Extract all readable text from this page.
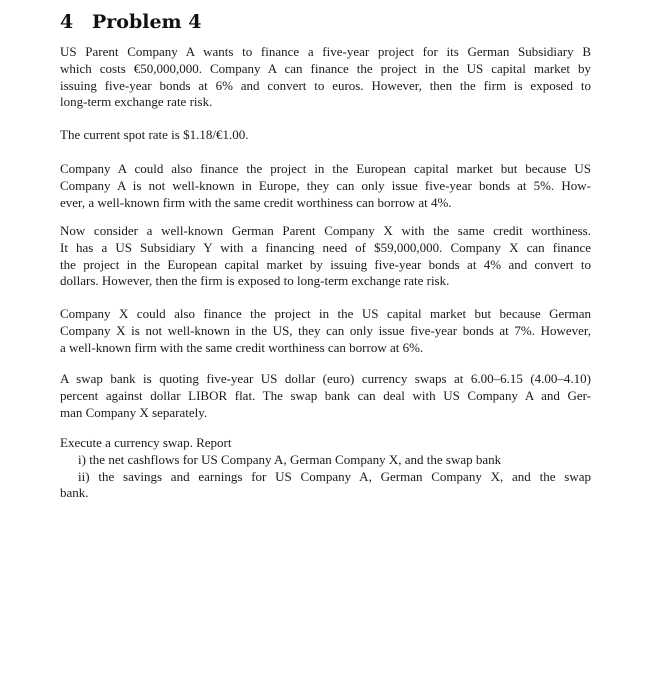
4 Problem 4
US Parent Company A wants to finance a five-year project for its German Subsidiary B
which costs €50,000,000. Company A can finance the project in the US capital market by
issuing five-year bonds at 6% and convert to euros. However, then the firm is exposed to
long-term exchange rate risk.
The current spot rate is $1.18/€1.00.
Company A could also finance the project in the European capital market but because US
Company A is not well-known in Europe, they can only issue five-year bonds at 5%. How-
ever, a well-known firm with the same credit worthiness can borrow at 4%.
Now consider a well-known German Parent Company X with the same credit worthiness.
It has a US Subsidiary Y with a financing need of $59,000,000. Company X can finance
the project in the European capital market by issuing five-year bonds at 4% and convert to
dollars. However, then the firm is exposed to long-term exchange rate risk.
Company X could also finance the project in the US capital market but because German
Company X is not well-known in the US, they can only issue five-year bonds at 7%. However,
a well-known firm with the same credit worthiness can borrow at 6%.
A swap bank is quoting five-year US dollar (euro) currency swaps at 6.00–6.15 (4.00–4.10)
percent against dollar LIBOR flat. The swap bank can deal with US Company A and Ger-
man Company X separately.
Execute a currency swap. Report
i) the net cashflows for US Company A, German Company X, and the swap bank
ii) the savings and earnings for US Company A, German Company X, and the swap
bank.
